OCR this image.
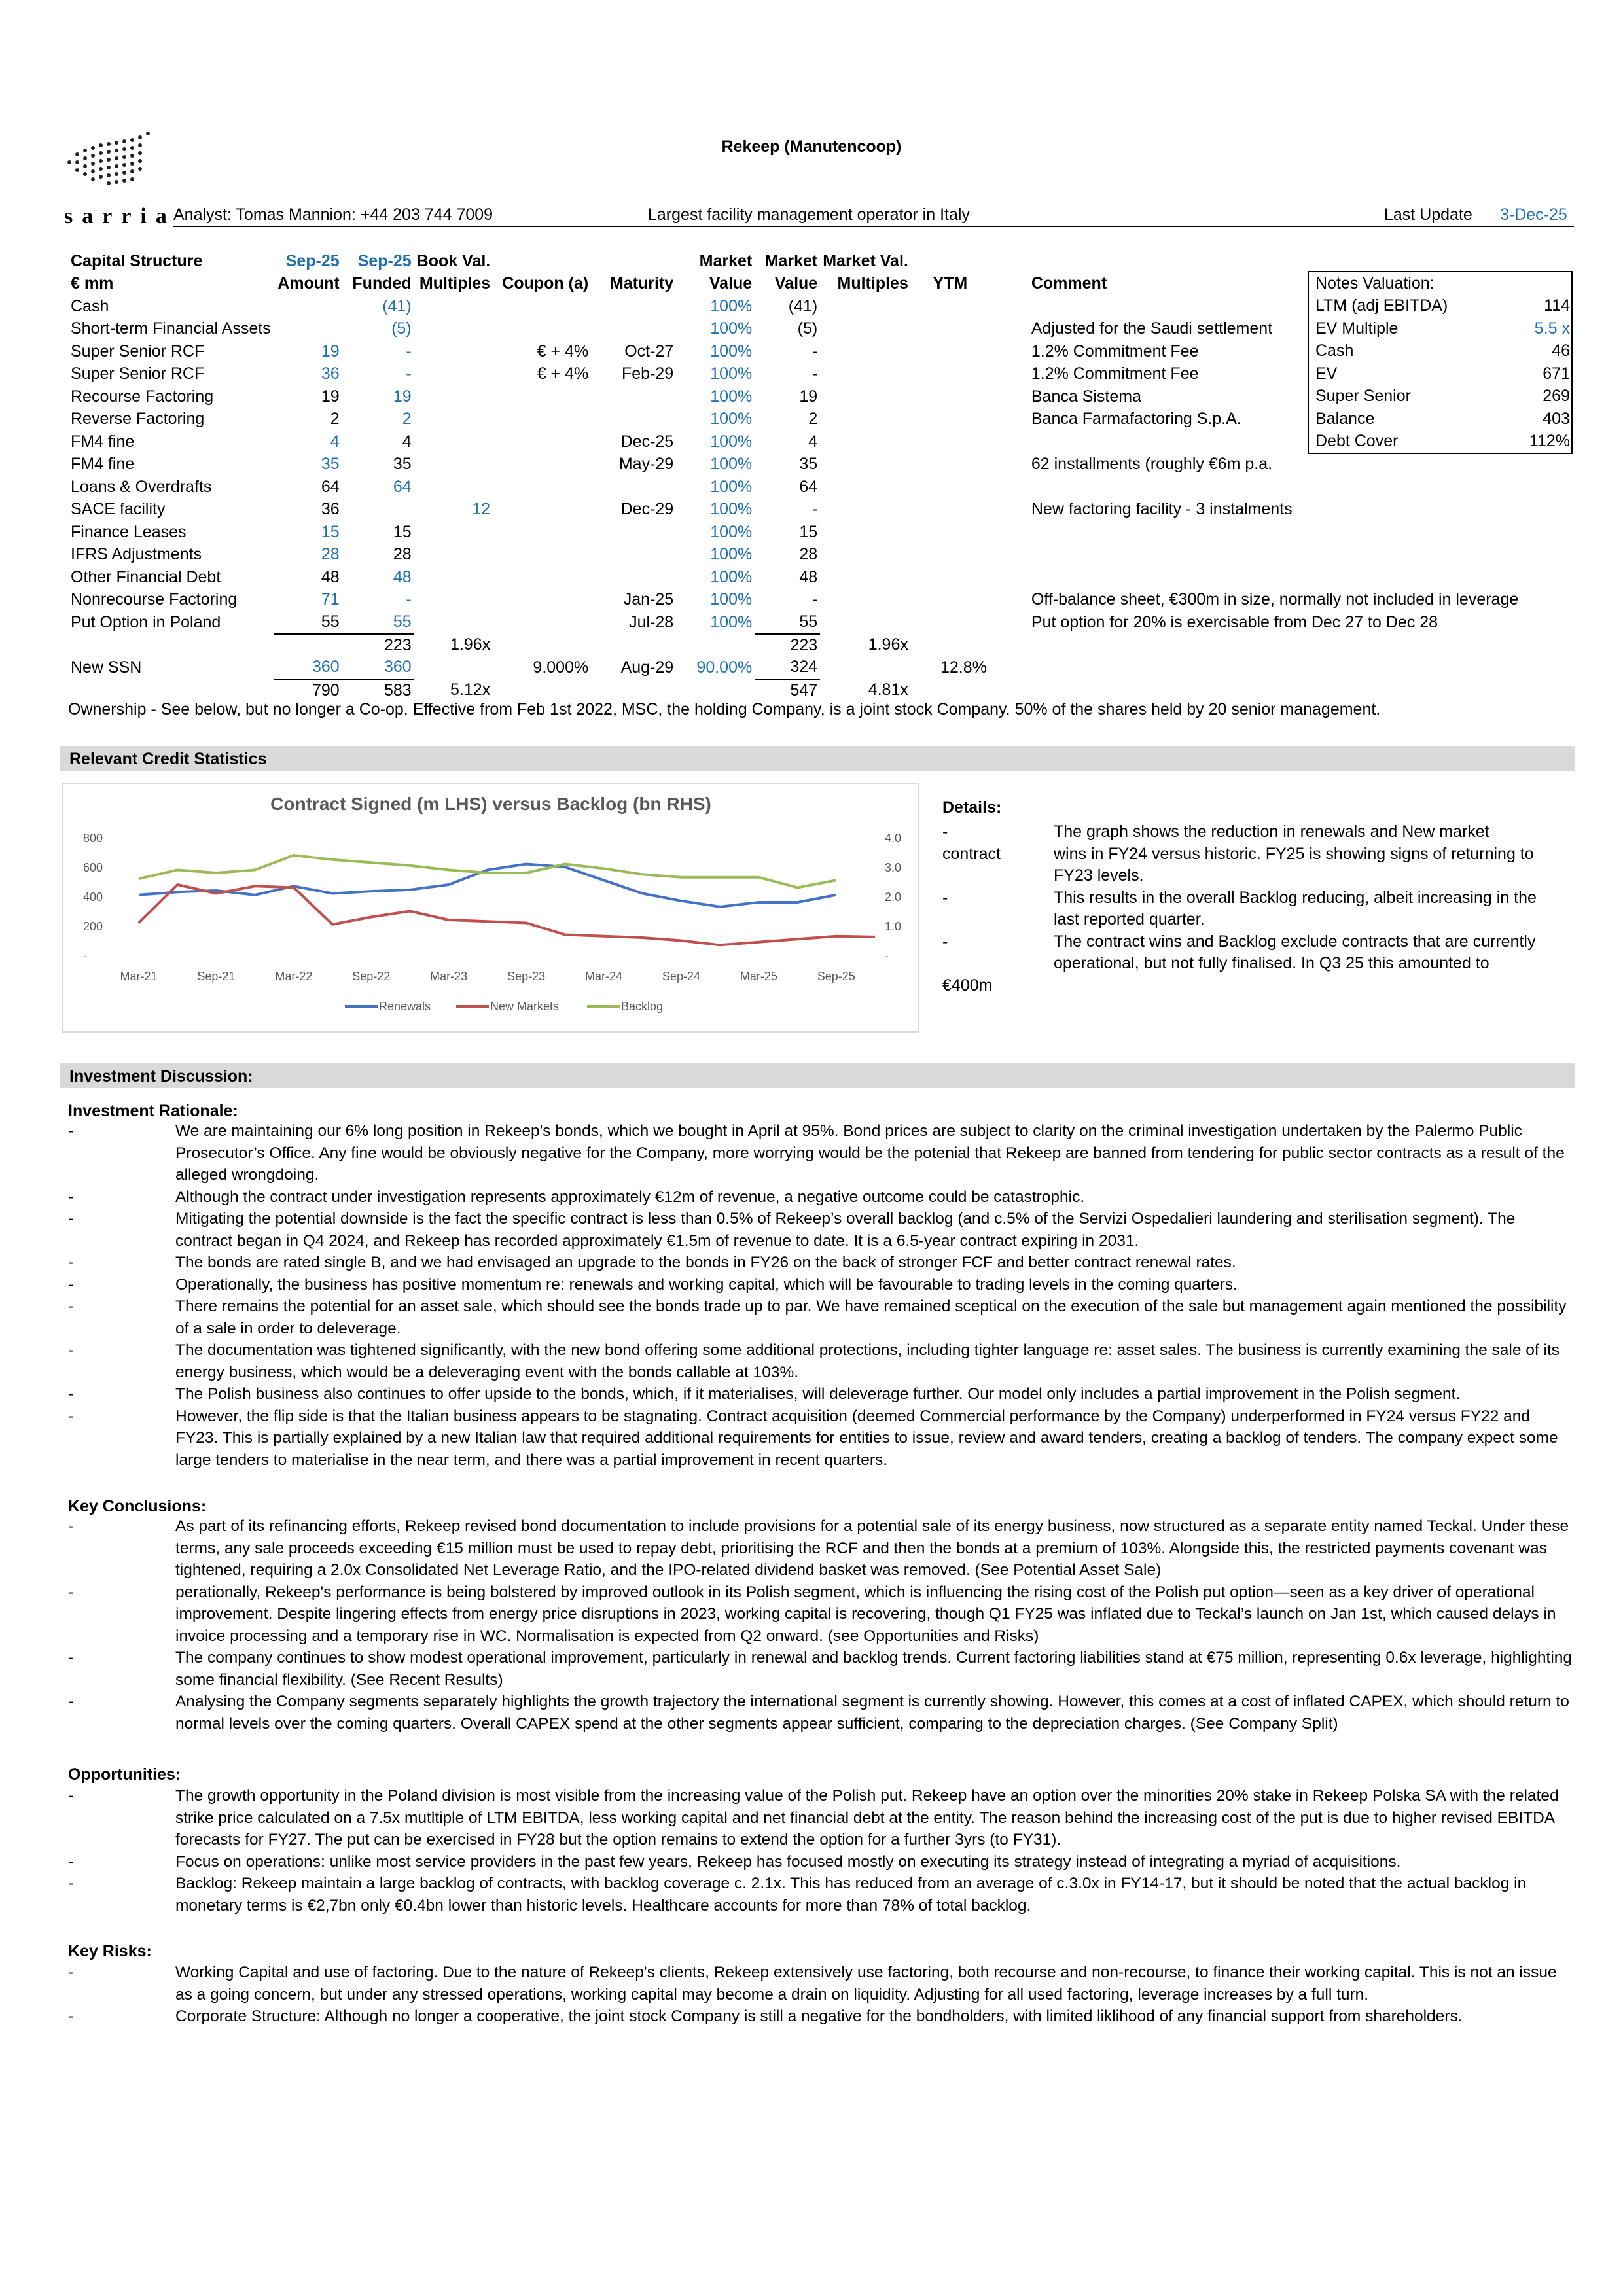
sarria
Rekeep (Manutencoop)
Analyst: Tomas Mannion: +44 203 744 7009	Largest facility management operator in Italy	Last Update 3-Dec-25
Capital Structure	Sep-25	Sep-25	Book Val.			Market	Market	Market Val.		
€ mm	Amount	Funded	Multiples	Coupon (a)	Maturity	Value	Value	Multiples	YTM	Comment
Cash		(41)				100%	(41)			
Short-term Financial Assets		(5)				100%	(5)			Adjusted for the Saudi settlement
Super Senior RCF	19	-		€ + 4%	Oct-27	100%	-			1.2% Commitment Fee
Super Senior RCF	36	-		€ + 4%	Feb-29	100%	-			1.2% Commitment Fee
Recourse Factoring	19	19				100%	19			Banca Sistema
Reverse Factoring	2	2				100%	2			Banca Farmafactoring S.p.A.
FM4 fine	4	4			Dec-25	100%	4			
FM4 fine	35	35			May-29	100%	35			62 installments (roughly €6m p.a.
Loans & Overdrafts	64	64				100%	64			
SACE facility	36		12		Dec-29	100%	-			New factoring facility - 3 instalments
Finance Leases	15	15				100%	15			
IFRS Adjustments	28	28				100%	28			
Other Financial Debt	48	48				100%	48			
Nonrecourse Factoring	71	-			Jan-25	100%	-			Off-balance sheet, €300m in size, normally not included in leverage
Put Option in Poland	55	55			Jul-28	100%	55			Put option for 20% is exercisable from Dec 27 to Dec 28
		223	1.96x				223	1.96x		
New SSN	360	360		9.000%	Aug-29	90.00%	324		12.8%	
	790	583	5.12x				547	4.81x		
Ownership - See below, but no longer a Co-op. Effective from Feb 1st 2022, MSC, the holding Company, is a joint stock Company. 50% of the shares held by 20 senior management.
Notes Valuation:
LTM (adj EBITDA)	114
EV Multiple	5.5 x
Cash	46
EV	671
Super Senior	269
Balance	403
Debt Cover	112%
Relevant Credit Statistics
Contract Signed (m LHS) versus Backlog (bn RHS)
800
600
400
200
-
4.0
3.0
2.0
1.0
-
Mar-21	Sep-21	Mar-22	Sep-22	Mar-23	Sep-23	Mar-24	Sep-24	Mar-25	Sep-25
Renewals	New Markets	Backlog
Details:
-	The graph shows the reduction in renewals and New market
contract	wins in FY24 versus historic. FY25 is showing signs of returning to
FY23 levels.
-	This results in the overall Backlog reducing, albeit increasing in the
last reported quarter.
-	The contract wins and Backlog exclude contracts that are currently
operational, but not fully finalised. In Q3 25 this amounted to
€400m
Investment Discussion:
Investment Rationale:
-	We are maintaining our 6% long position in Rekeep's bonds, which we bought in April at 95%. Bond prices are subject to clarity on the criminal investigation undertaken by the Palermo Public Prosecutor’s Office. Any fine would be obviously negative for the Company, more worrying would be the potenial that Rekeep are banned from tendering for public sector contracts as a result of the alleged wrongdoing.
-	Although the contract under investigation represents approximately €12m of revenue, a negative outcome could be catastrophic.
-	Mitigating the potential downside is the fact the specific contract is less than 0.5% of Rekeep’s overall backlog (and c.5% of the Servizi Ospedalieri laundering and sterilisation segment). The contract began in Q4 2024, and Rekeep has recorded approximately €1.5m of revenue to date. It is a 6.5-year contract expiring in 2031.
-	The bonds are rated single B, and we had envisaged an upgrade to the bonds in FY26 on the back of stronger FCF and better contract renewal rates.
-	Operationally, the business has positive momentum re: renewals and working capital, which will be favourable to trading levels in the coming quarters.
-	There remains the potential for an asset sale, which should see the bonds trade up to par. We have remained sceptical on the execution of the sale but management again mentioned the possibility of a sale in order to deleverage.
-	The documentation was tightened significantly, with the new bond offering some additional protections, including tighter language re: asset sales. The business is currently examining the sale of its energy business, which would be a deleveraging event with the bonds callable at 103%.
-	The Polish business also continues to offer upside to the bonds, which, if it materialises, will deleverage further. Our model only includes a partial improvement in the Polish segment.
-	However, the flip side is that the Italian business appears to be stagnating. Contract acquisition (deemed Commercial performance by the Company) underperformed in FY24 versus FY22 and FY23. This is partially explained by a new Italian law that required additional requirements for entities to issue, review and award tenders, creating a backlog of tenders. The company expect some large tenders to materialise in the near term, and there was a partial improvement in recent quarters.
Key Conclusions:
-	As part of its refinancing efforts, Rekeep revised bond documentation to include provisions for a potential sale of its energy business, now structured as a separate entity named Teckal. Under these terms, any sale proceeds exceeding €15 million must be used to repay debt, prioritising the RCF and then the bonds at a premium of 103%. Alongside this, the restricted payments covenant was tightened, requiring a 2.0x Consolidated Net Leverage Ratio, and the IPO-related dividend basket was removed. (See Potential Asset Sale)
-	perationally, Rekeep's performance is being bolstered by improved outlook in its Polish segment, which is influencing the rising cost of the Polish put option—seen as a key driver of operational improvement. Despite lingering effects from energy price disruptions in 2023, working capital is recovering, though Q1 FY25 was inflated due to Teckal’s launch on Jan 1st, which caused delays in invoice processing and a temporary rise in WC. Normalisation is expected from Q2 onward. (see Opportunities and Risks)
-	The company continues to show modest operational improvement, particularly in renewal and backlog trends. Current factoring liabilities stand at €75 million, representing 0.6x leverage, highlighting some financial flexibility. (See Recent Results)
-	Analysing the Company segments separately highlights the growth trajectory the international segment is currently showing. However, this comes at a cost of inflated CAPEX, which should return to normal levels over the coming quarters. Overall CAPEX spend at the other segments appear sufficient, comparing to the depreciation charges. (See Company Split)
Opportunities:
-	The growth opportunity in the Poland division is most visible from the increasing value of the Polish put. Rekeep have an option over the minorities 20% stake in Rekeep Polska SA with the related strike price calculated on a 7.5x mutltiple of LTM EBITDA, less working capital and net financial debt at the entity. The reason behind the increasing cost of the put is due to higher revised EBITDA forecasts for FY27. The put can be exercised in FY28 but the option remains to extend the option for a further 3yrs (to FY31).
-	Focus on operations: unlike most service providers in the past few years, Rekeep has focused mostly on executing its strategy instead of integrating a myriad of acquisitions.
-	Backlog: Rekeep maintain a large backlog of contracts, with backlog coverage c. 2.1x. This has reduced from an average of c.3.0x in FY14-17, but it should be noted that the actual backlog in monetary terms is €2,7bn only €0.4bn lower than historic levels. Healthcare accounts for more than 78% of total backlog.
Key Risks:
-	Working Capital and use of factoring. Due to the nature of Rekeep's clients, Rekeep extensively use factoring, both recourse and non-recourse, to finance their working capital. This is not an issue as a going concern, but under any stressed operations, working capital may become a drain on liquidity. Adjusting for all used factoring, leverage increases by a full turn.
-	Corporate Structure: Although no longer a cooperative, the joint stock Company is still a negative for the bondholders, with limited liklihood of any financial support from shareholders.
